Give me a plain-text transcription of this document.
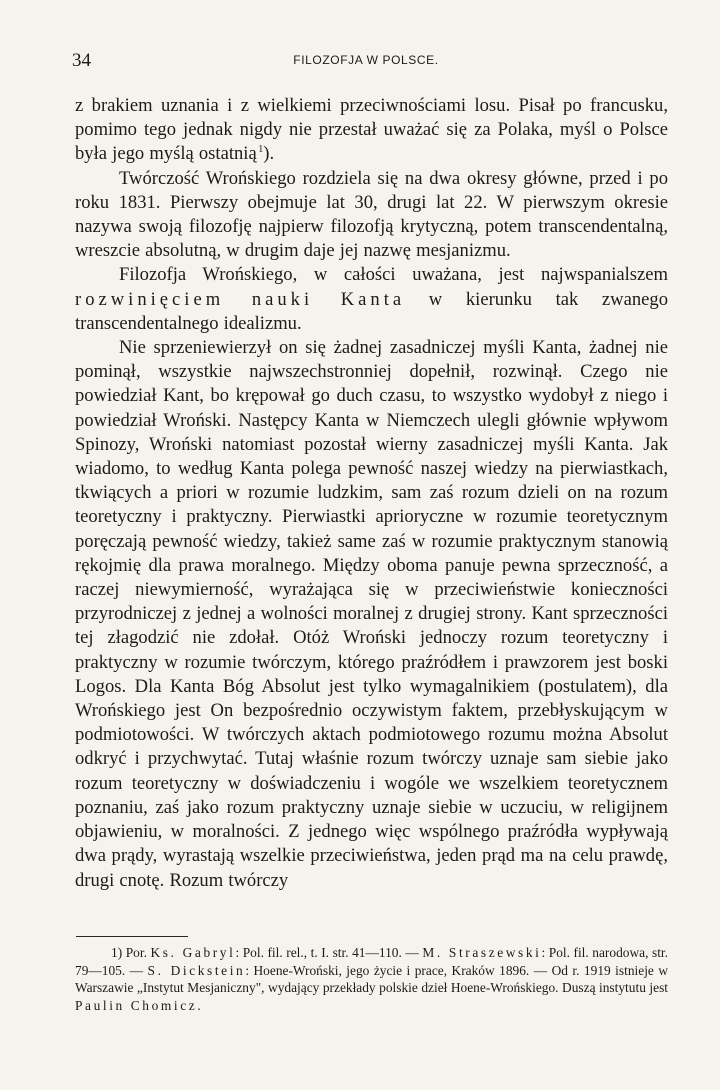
34	FILOZOFJA W POLSCE.

z brakiem uznania i z wielkiemi przeciwnościami losu. Pisał po francusku, pomimo tego jednak nigdy nie przestał uważać się za Polaka, myśl o Polsce była jego myślą ostatnią  $^1$).

Twórczość Wrońskiego rozdziela się na dwa okresy główne, przed i po roku 1831. Pierwszy obejmuje lat 30, drugi lat 22. W pierwszym okresie nazywa swoją filozofję najpierw filozofją krytyczną, potem transcendentalną, wreszcie absolutną, w drugim daje jej nazwę mesjanizmu.

Filozofja Wrońskiego, w całości uważana, jest najwspanialszem rozwinięciem nauki Kanta w kierunku tak zwanego transcendentalnego idealizmu.

Nie sprzeniewierzył on się żadnej zasadniczej myśli Kanta, żadnej nie pominął, wszystkie najwszechstronniej dopełnił, rozwinął. Czego nie powiedział Kant, bo krępował go duch czasu, to wszystko wydobył z niego i powiedział Wroński. Następcy Kanta w Niemczech ulegli głównie wpływom Spinozy, Wroński natomiast pozostał wierny zasadniczej myśli Kanta. Jak wiadomo, to według Kanta polega pewność naszej wiedzy na pierwiastkach, tkwiących a priori w rozumie ludzkim, sam zaś rozum dzieli on na rozum teoretyczny i praktyczny. Pierwiastki aprioryczne w rozumie teoretycznym poręczają pewność wiedzy, takież same zaś w rozumie praktycznym stanowią rękojmię dla prawa moralnego. Między oboma panuje pewna sprzeczność, a raczej niewymierność, wyrażająca się w przeciwieństwie konieczności przyrodniczej z jednej a wolności moralnej z drugiej strony. Kant sprzeczności tej złagodzić nie zdołał. Otóż Wroński jednoczy rozum teoretyczny i praktyczny w rozumie twórczym, którego praźródłem i prawzorem jest boski Logos. Dla Kanta Bóg Absolut jest tylko wymagalnikiem (postulatem), dla Wrońskiego jest On bezpośrednio oczywistym faktem, przebłyskującym w podmiotowości. W twórczych aktach podmiotowego rozumu można Absolut odkryć i przychwytać. Tutaj właśnie rozum twórczy uznaje sam siebie jako rozum teoretyczny w doświadczeniu i wogóle we wszelkiem teoretycznem poznaniu, zaś jako rozum praktyczny uznaje siebie w uczuciu, w religijnem objawieniu, w moralności. Z jednego więc wspólnego praźródła wypływają dwa prądy, wyrastają wszelkie przeciwieństwa, jeden prąd ma na celu prawdę, drugi cnotę. Rozum twórczy

1) Por. Ks. Gabryl: Pol. fil. rel., t. I. str. 41—110. — M. Straszewski: Pol. fil. narodowa, str. 79—105. — S. Dickstein: Hoene-Wroński, jego życie i prace, Kraków 1896. — Od r. 1919 istnieje w Warszawie „Instytut Mesjaniczny", wydający przekłady polskie dzieł Hoene-Wrońskiego. Duszą instytutu jest Paulin Chomicz.
